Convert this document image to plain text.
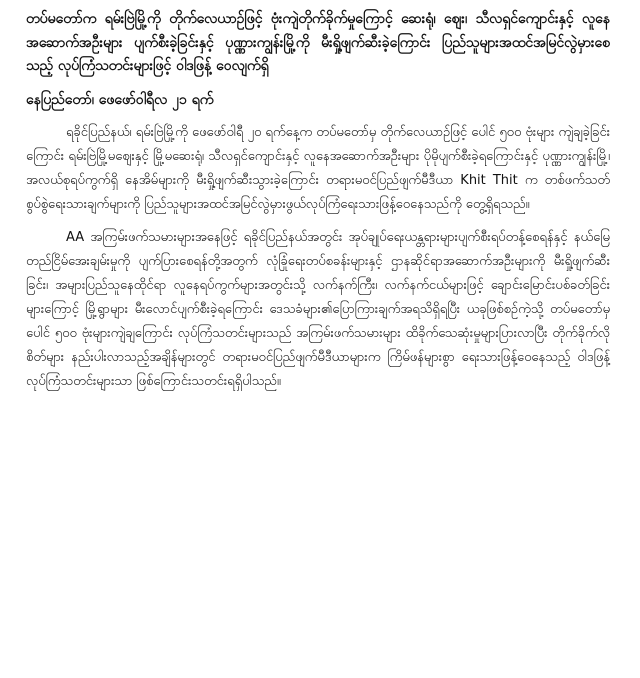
တပ်မတော်က ရမ်းဗြဲမြို့ကို တိုက်လေယာဉ်ဖြင့် ဗုံးကျဲတိုက်ခိုက်မှုကြောင့် ဆေးရုံ၊ ဈေး၊ သီလရှင်ကျောင်းနှင့် လူနေအဆောက်အဦးများ ပျက်စီးခဲ့ခြင်းနှင့် ပုဏ္ဏားကျွန်းမြို့ကို မီးရှို့ဖျက်ဆီးခဲ့ကြောင်း ပြည်သူများအထင်အမြင်လွဲမှားစေသည့် လုပ်ကြံသတင်းများဖြင့် ဝါဒဖြန့် ဝေလျက်ရှိ

နေပြည်တော်၊ ဖေဖော်ဝါရီလ ၂၁ ရက်

ရခိုင်ပြည်နယ်၊ ရမ်းဗြဲမြို့ကို ဖေဖော်ဝါရီ ၂၀ ရက်နေ့က တပ်မတော်မှ တိုက်လေယာဉ်ဖြင့် ပေါင် ၅၀၀ ဗုံးများ ကျဲချခဲ့ခြင်းကြောင်း ရမ်းဗြဲမြို့မဈေးနှင့် မြို့မဆေးရုံ၊ သီလရှင်ကျောင်းနှင့် လူနေအဆောက်အဦးများ ပိုမိုပျက်စီးခဲ့ရကြောင်းနှင့် ပုဏ္ဏားကျွန်းမြို့၊ အလယ်စုရပ်ကွက်ရှိ နေအိမ်များကို မီးရှို့ဖျက်ဆီးသွားခဲ့ကြောင်း တရားမဝင်ပြည်ဖျက်မီဒီယာ Khit Thit က တစ်ဖက်သတ်စွပ်စွဲရေးသားချက်များကို ပြည်သူများအထင်အမြင်လွဲမှားဖွယ်လုပ်ကြံရေးသားဖြန့်ဝေနေသည်ကို တွေ့ရှိရသည်။

AA အကြမ်းဖက်သမားများအနေဖြင့် ရခိုင်ပြည်နယ်အတွင်း အုပ်ချုပ်ရေးယန္တရားများပျက်စီးရပ်တန့်စေရန်နှင့် နယ်မြေတည်ငြိမ်အေးချမ်းမှုကို ပျက်ပြားစေရန်တို့အတွက် လုံခြုံရေးတပ်စခန်းများနှင့် ဌာနဆိုင်ရာအဆောက်အဦးများကို မီးရှို့ဖျက်ဆီးခြင်း၊ အများပြည်သူနေထိုင်ရာ လူနေရပ်ကွက်များအတွင်းသို့ လက်နက်ကြီး၊ လက်နက်ငယ်များဖြင့် ချောင်းမြောင်းပစ်ခတ်ခြင်းများကြောင့် မြို့ရွာများ မီးလောင်ပျက်စီးခဲ့ရကြောင်း ဒေသခံများ၏ပြောကြားချက်အရသိရှိရပြီး ယခုဖြစ်စဉ်ကဲ့သို့ တပ်မတော်မှ ပေါင် ၅၀၀ ဗုံးများကျဲချကြောင်း လုပ်ကြံသတင်းများသည် အကြမ်းဖက်သမားများ ထိခိုက်သေဆုံးမှုများပြားလာပြီး တိုက်ခိုက်လိုစိတ်များ နည်းပါးလာသည့်အချိန်များတွင် တရားမဝင်ပြည်ဖျက်မီဒီယာများက ကြိမ်ဖန်များစွာ ရေးသားဖြန့်ဝေနေသည့် ဝါဒဖြန့် လုပ်ကြံသတင်းများသာ ဖြစ်ကြောင်းသတင်းရရှိပါသည်။
